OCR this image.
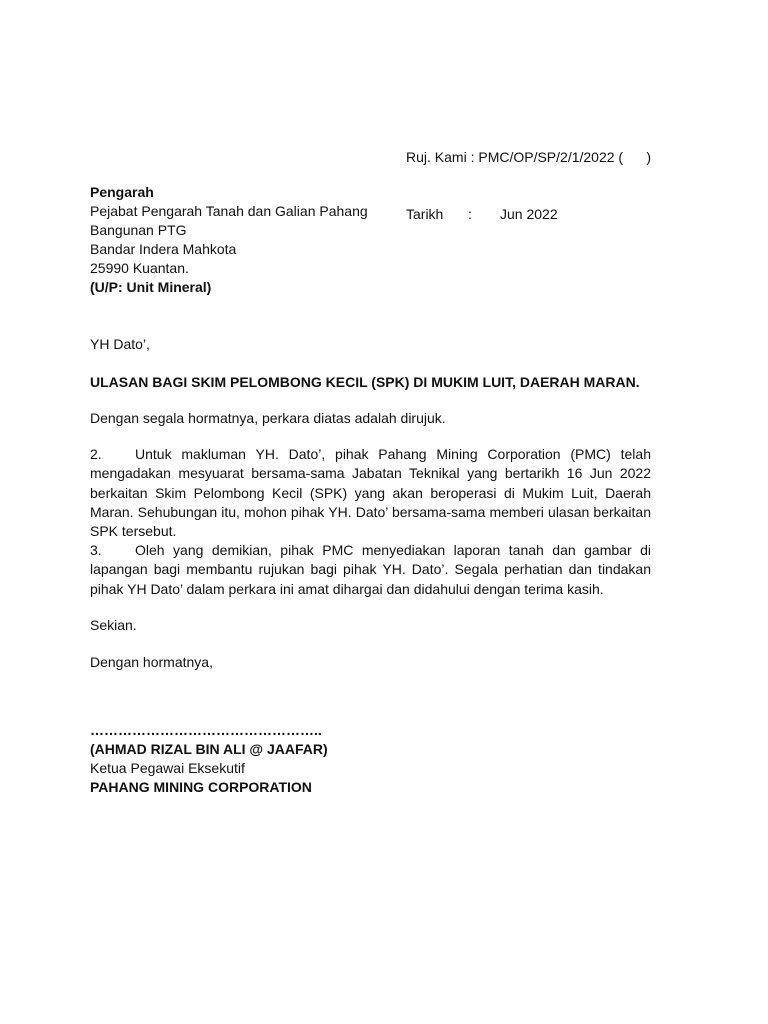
Ruj. Kami : PMC/OP/SP/2/1/2022 (      )

Tarikh : Jun 2022

Pengarah
Pejabat Pengarah Tanah dan Galian Pahang
Bangunan PTG
Bandar Indera Mahkota
25990 Kuantan.
(U/P: Unit Mineral)
YH Dato’,
ULASAN BAGI SKIM PELOMBONG KECIL (SPK) DI MUKIM LUIT, DAERAH MARAN.
Dengan segala hormatnya, perkara diatas adalah dirujuk.
2. Untuk makluman YH. Dato’, pihak Pahang Mining Corporation (PMC) telah mengadakan mesyuarat bersama-sama Jabatan Teknikal yang bertarikh 16 Jun 2022 berkaitan Skim Pelombong Kecil (SPK) yang akan beroperasi di Mukim Luit, Daerah Maran. Sehubungan itu, mohon pihak YH. Dato’ bersama-sama memberi ulasan berkaitan SPK tersebut.
3. Oleh yang demikian, pihak PMC menyediakan laporan tanah dan gambar di lapangan bagi membantu rujukan bagi pihak YH. Dato’. Segala perhatian dan tindakan pihak YH Dato’ dalam perkara ini amat dihargai dan didahului dengan terima kasih.
Sekian.
Dengan hormatnya,
…………………………………………..
(AHMAD RIZAL BIN ALI @ JAAFAR)
Ketua Pegawai Eksekutif
PAHANG MINING CORPORATION
